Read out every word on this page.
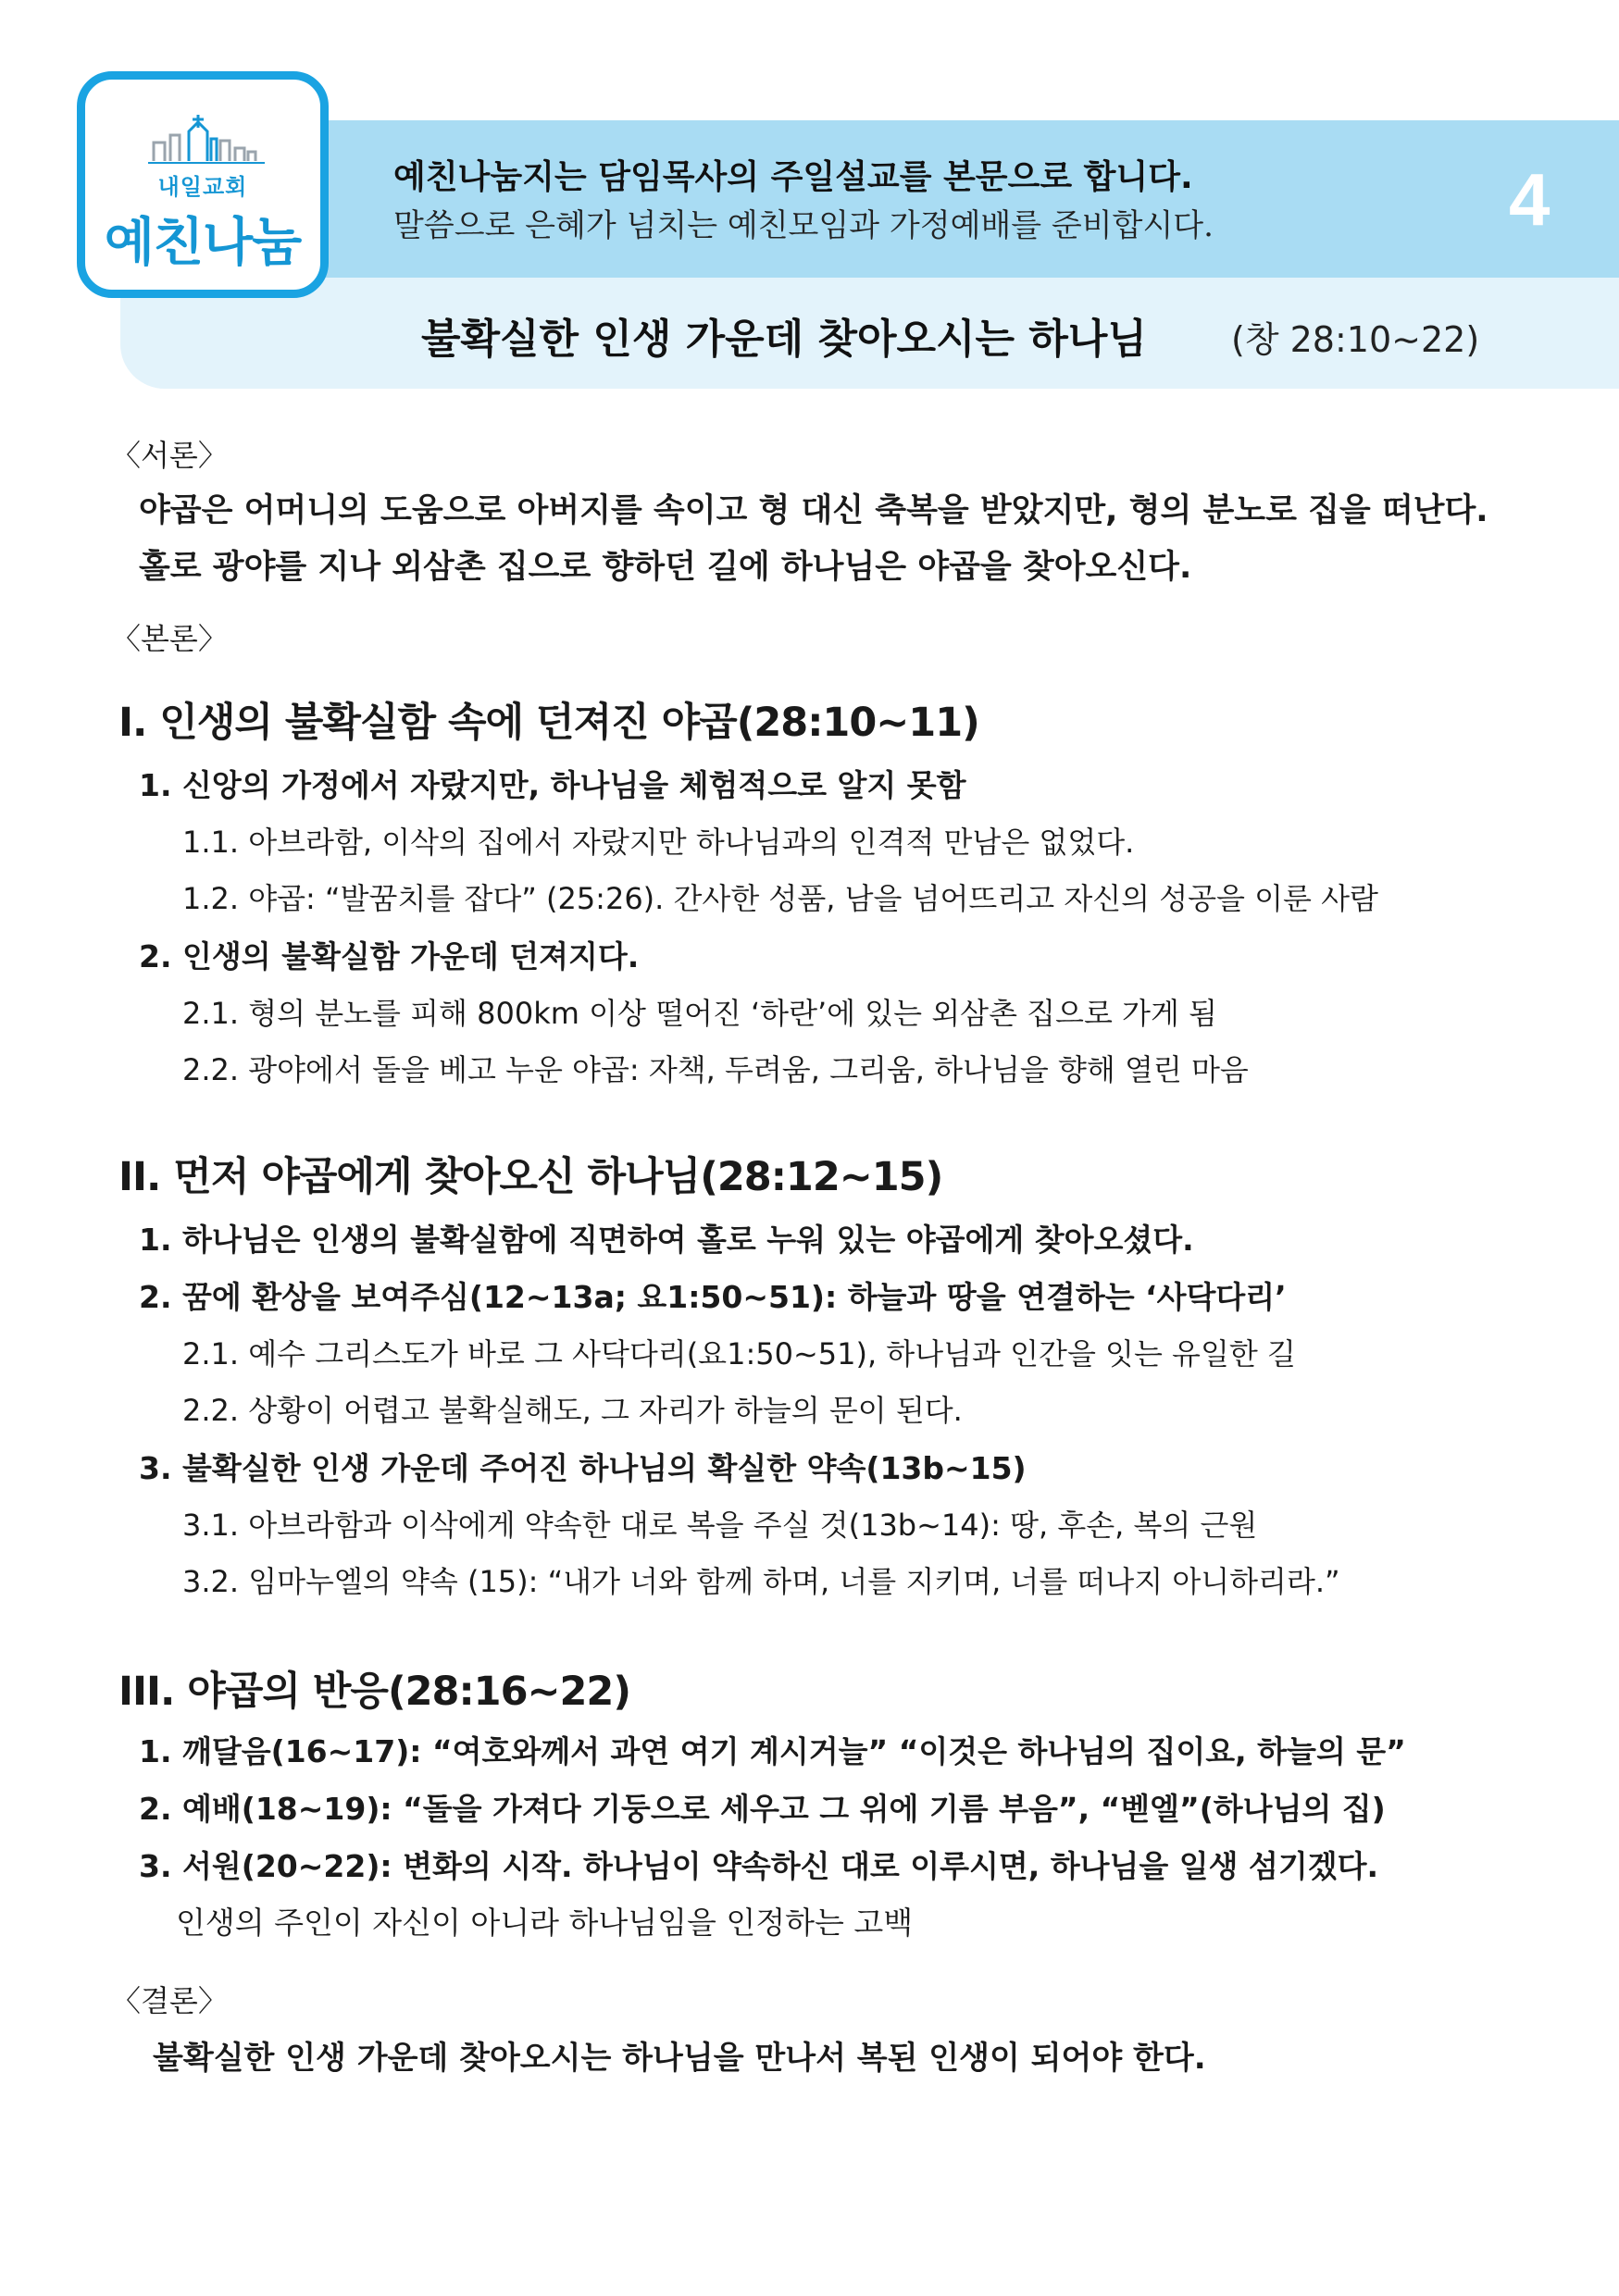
내일교회
예친나눔
예친나눔지는 담임목사의 주일설교를 본문으로 합니다.
말씀으로 은혜가 넘치는 예친모임과 가정예배를 준비합시다.	4
불확실한 인생 가운데 찾아오시는 하나님 (창 28:10∼22)
〈서론〉
야곱은 어머니의 도움으로 아버지를 속이고 형 대신 축복을 받았지만, 형의 분노로 집을 떠난다.
홀로 광야를 지나 외삼촌 집으로 향하던 길에 하나님은 야곱을 찾아오신다.
〈본론〉
I. 인생의 불확실함 속에 던져진 야곱(28:10~11)
1. 신앙의 가정에서 자랐지만, 하나님을 체험적으로 알지 못함
1.1. 아브라함, 이삭의 집에서 자랐지만 하나님과의 인격적 만남은 없었다.
1.2. 야곱: “발꿈치를 잡다” (25:26). 간사한 성품, 남을 넘어뜨리고 자신의 성공을 이룬 사람
2. 인생의 불확실함 가운데 던져지다.
2.1. 형의 분노를 피해 800km 이상 떨어진 ‘하란’에 있는 외삼촌 집으로 가게 됨
2.2. 광야에서 돌을 베고 누운 야곱: 자책, 두려움, 그리움, 하나님을 향해 열린 마음
II. 먼저 야곱에게 찾아오신 하나님(28:12~15)
1. 하나님은 인생의 불확실함에 직면하여 홀로 누워 있는 야곱에게 찾아오셨다.
2. 꿈에 환상을 보여주심(12∼13a; 요1:50∼51): 하늘과 땅을 연결하는 ‘사닥다리’
2.1. 예수 그리스도가 바로 그 사닥다리(요1:50∼51), 하나님과 인간을 잇는 유일한 길
2.2. 상황이 어렵고 불확실해도, 그 자리가 하늘의 문이 된다.
3. 불확실한 인생 가운데 주어진 하나님의 확실한 약속(13b∼15)
3.1. 아브라함과 이삭에게 약속한 대로 복을 주실 것(13b∼14): 땅, 후손, 복의 근원
3.2. 임마누엘의 약속 (15): “내가 너와 함께 하며, 너를 지키며, 너를 떠나지 아니하리라.”
III. 야곱의 반응(28:16~22)
1. 깨달음(16∼17): “여호와께서 과연 여기 계시거늘” “이것은 하나님의 집이요, 하늘의 문”
2. 예배(18∼19): “돌을 가져다 기둥으로 세우고 그 위에 기름 부음”, “벧엘”(하나님의 집)
3. 서원(20∼22): 변화의 시작. 하나님이 약속하신 대로 이루시면, 하나님을 일생 섬기겠다.
인생의 주인이 자신이 아니라 하나님임을 인정하는 고백
〈결론〉
불확실한 인생 가운데 찾아오시는 하나님을 만나서 복된 인생이 되어야 한다.
